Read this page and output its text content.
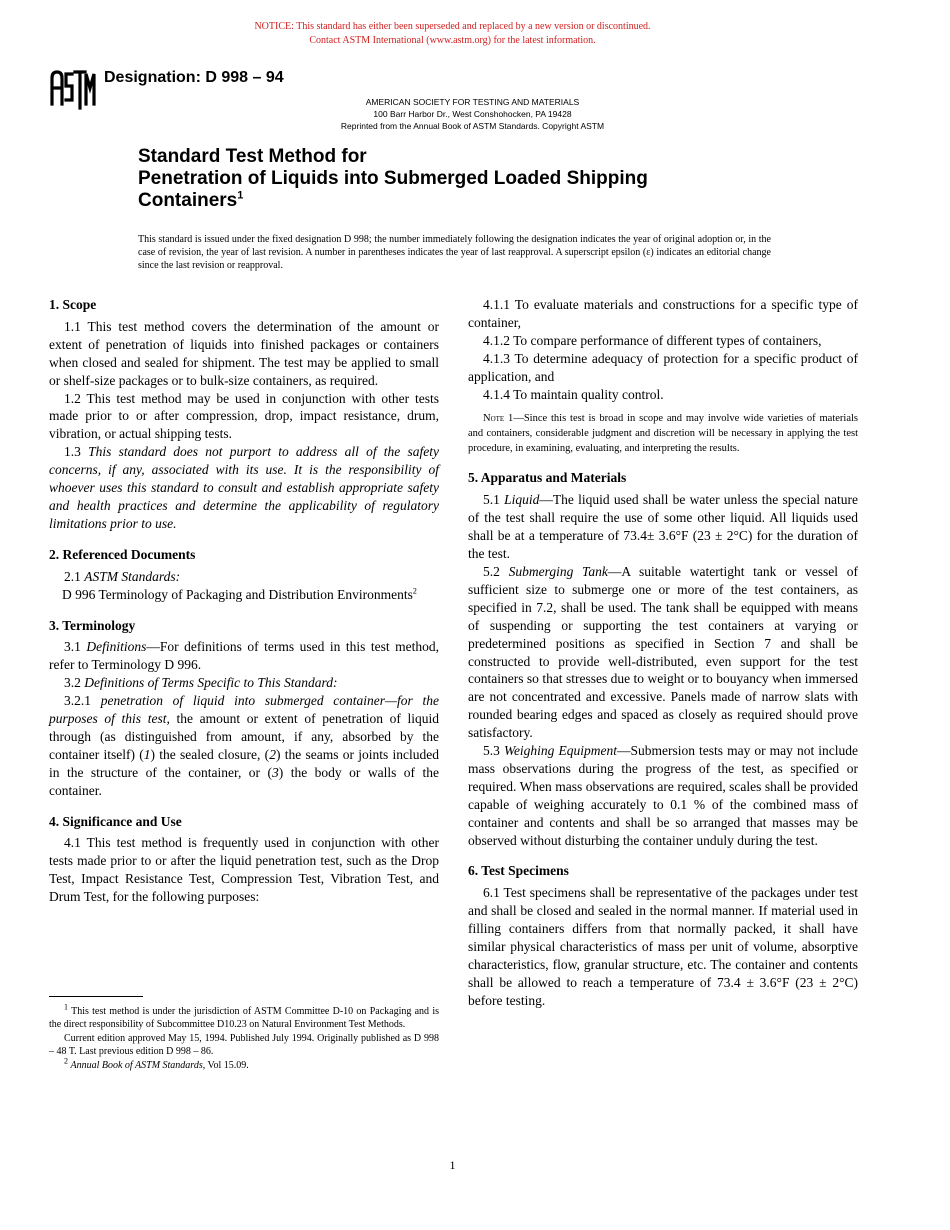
NOTICE: This standard has either been superseded and replaced by a new version or discontinued.
Contact ASTM International (www.astm.org) for the latest information.
Designation: D 998 – 94
AMERICAN SOCIETY FOR TESTING AND MATERIALS
100 Barr Harbor Dr., West Conshohocken, PA 19428
Reprinted from the Annual Book of ASTM Standards. Copyright ASTM
Standard Test Method for
Penetration of Liquids into Submerged Loaded Shipping
Containers$^1$
This standard is issued under the fixed designation D 998; the number immediately following the designation indicates the year of original adoption or, in the case of revision, the year of last revision. A number in parentheses indicates the year of last reapproval. A superscript epsilon (ε) indicates an editorial change since the last revision or reapproval.
1. Scope

1.1 This test method covers the determination of the amount or extent of penetration of liquids into finished packages or containers when closed and sealed for shipment. The test may be applied to small or shelf-size packages or to bulk-size containers, as required.

1.2 This test method may be used in conjunction with other tests made prior to or after compression, drop, impact resistance, drum, vibration, or actual shipping tests.

1.3 This standard does not purport to address all of the safety concerns, if any, associated with its use. It is the responsibility of whoever uses this standard to consult and establish appropriate safety and health practices and determine the applicability of regulatory limitations prior to use.

2. Referenced Documents

2.1 ASTM Standards:

D 996 Terminology of Packaging and Distribution Environments$^2$

3. Terminology

3.1 Definitions—For definitions of terms used in this test method, refer to Terminology D 996.

3.2 Definitions of Terms Specific to This Standard:

3.2.1 penetration of liquid into submerged container—for the purposes of this test, the amount or extent of penetration of liquid through (as distinguished from amount, if any, absorbed by the container itself) (1) the sealed closure, (2) the seams or joints included in the structure of the container, or (3) the body or walls of the container.

4. Significance and Use

4.1 This test method is frequently used in conjunction with other tests made prior to or after the liquid penetration test, such as the Drop Test, Impact Resistance Test, Compression Test, Vibration Test, and Drum Test, for the following purposes:

$^1$ This test method is under the jurisdiction of ASTM Committee D-10 on Packaging and is the direct responsibility of Subcommittee D10.23 on Natural Environment Test Methods.

Current edition approved May 15, 1994. Published July 1994. Originally published as D 998 – 48 T. Last previous edition D 998 – 86.

$^2$ Annual Book of ASTM Standards, Vol 15.09.

4.1.1 To evaluate materials and constructions for a specific type of container,

4.1.2 To compare performance of different types of containers,

4.1.3 To determine adequacy of protection for a specific product of application, and

4.1.4 To maintain quality control.

Note 1—Since this test is broad in scope and may involve wide varieties of materials and containers, considerable judgment and discretion will be necessary in applying the test procedure, in examining, evaluating, and interpreting the results.

5. Apparatus and Materials

5.1 Liquid—The liquid used shall be water unless the special nature of the test shall require the use of some other liquid. All liquids used shall be at a temperature of 73.4± 3.6°F (23 ± 2°C) for the duration of the test.

5.2 Submerging Tank—A suitable watertight tank or vessel of sufficient size to submerge one or more of the test containers, as specified in 7.2, shall be used. The tank shall be equipped with means of suspending or supporting the test containers at varying or predetermined positions as specified in Section 7 and shall be constructed to provide well-distributed, even support for the test containers so that stresses due to weight or to bouyancy when immersed are not concentrated and excessive. Panels made of narrow slats with rounded bearing edges and spaced as closely as required should prove satisfactory.

5.3 Weighing Equipment—Submersion tests may or may not include mass observations during the progress of the test, as specified or required. When mass observations are required, scales shall be provided capable of weighing accurately to 0.1 % of the combined mass of container and contents and shall be so arranged that masses may be observed without disturbing the container unduly during the test.

6. Test Specimens

6.1 Test specimens shall be representative of the packages under test and shall be closed and sealed in the normal manner. If material used in filling containers differs from that normally packed, it shall have similar physical characteristics of mass per unit of volume, absorptive characteristics, flow, granular structure, etc. The container and contents shall be allowed to reach a temperature of 73.4 ± 3.6°F (23 ± 2°C) before testing.

1
